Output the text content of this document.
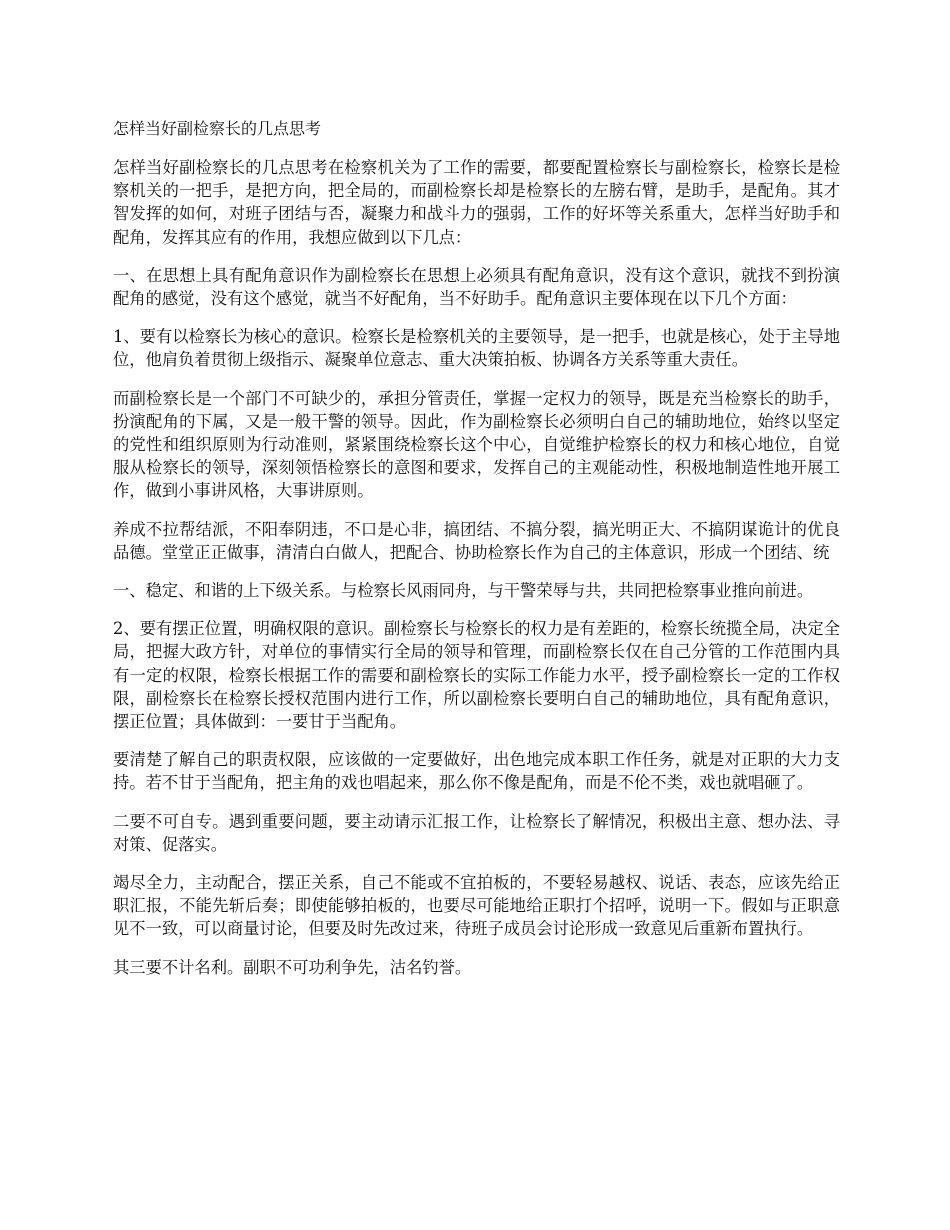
怎样当好副检察长的几点思考

怎样当好副检察长的几点思考在检察机关为了工作的需要，都要配置检察长与副检察长，检察长是检察机关的一把手，是把方向，把全局的，而副检察长却是检察长的左膀右臂，是助手，是配角。其才智发挥的如何，对班子团结与否，凝聚力和战斗力的强弱，工作的好坏等关系重大，怎样当好助手和配角，发挥其应有的作用，我想应做到以下几点：

一、在思想上具有配角意识作为副检察长在思想上必须具有配角意识，没有这个意识，就找不到扮演配角的感觉，没有这个感觉，就当不好配角，当不好助手。配角意识主要体现在以下几个方面：

1、要有以检察长为核心的意识。检察长是检察机关的主要领导，是一把手，也就是核心，处于主导地位，他肩负着贯彻上级指示、凝聚单位意志、重大决策拍板、协调各方关系等重大责任。

而副检察长是一个部门不可缺少的，承担分管责任，掌握一定权力的领导，既是充当检察长的助手，扮演配角的下属，又是一般干警的领导。因此，作为副检察长必须明白自己的辅助地位，始终以坚定的党性和组织原则为行动准则，紧紧围绕检察长这个中心，自觉维护检察长的权力和核心地位，自觉服从检察长的领导，深刻领悟检察长的意图和要求，发挥自己的主观能动性，积极地制造性地开展工作，做到小事讲风格，大事讲原则。

养成不拉帮结派，不阳奉阴违，不口是心非，搞团结、不搞分裂，搞光明正大、不搞阴谋诡计的优良品德。堂堂正正做事，清清白白做人，把配合、协助检察长作为自己的主体意识，形成一个团结、统

一、稳定、和谐的上下级关系。与检察长风雨同舟，与干警荣辱与共，共同把检察事业推向前进。

2、要有摆正位置，明确权限的意识。副检察长与检察长的权力是有差距的，检察长统揽全局，决定全局，把握大政方针，对单位的事情实行全局的领导和管理，而副检察长仅在自己分管的工作范围内具有一定的权限，检察长根据工作的需要和副检察长的实际工作能力水平，授予副检察长一定的工作权限，副检察长在检察长授权范围内进行工作，所以副检察长要明白自己的辅助地位，具有配角意识，摆正位置；具体做到：一要甘于当配角。

要清楚了解自己的职责权限，应该做的一定要做好，出色地完成本职工作任务，就是对正职的大力支持。若不甘于当配角，把主角的戏也唱起来，那么你不像是配角，而是不伦不类，戏也就唱砸了。

二要不可自专。遇到重要问题，要主动请示汇报工作，让检察长了解情况，积极出主意、想办法、寻对策、促落实。

竭尽全力，主动配合，摆正关系，自己不能或不宜拍板的，不要轻易越权、说话、表态，应该先给正职汇报，不能先斩后奏；即使能够拍板的，也要尽可能地给正职打个招呼，说明一下。假如与正职意见不一致，可以商量讨论，但要及时先改过来，待班子成员会讨论形成一致意见后重新布置执行。

其三要不计名利。副职不可功利争先，沽名钓誉。
